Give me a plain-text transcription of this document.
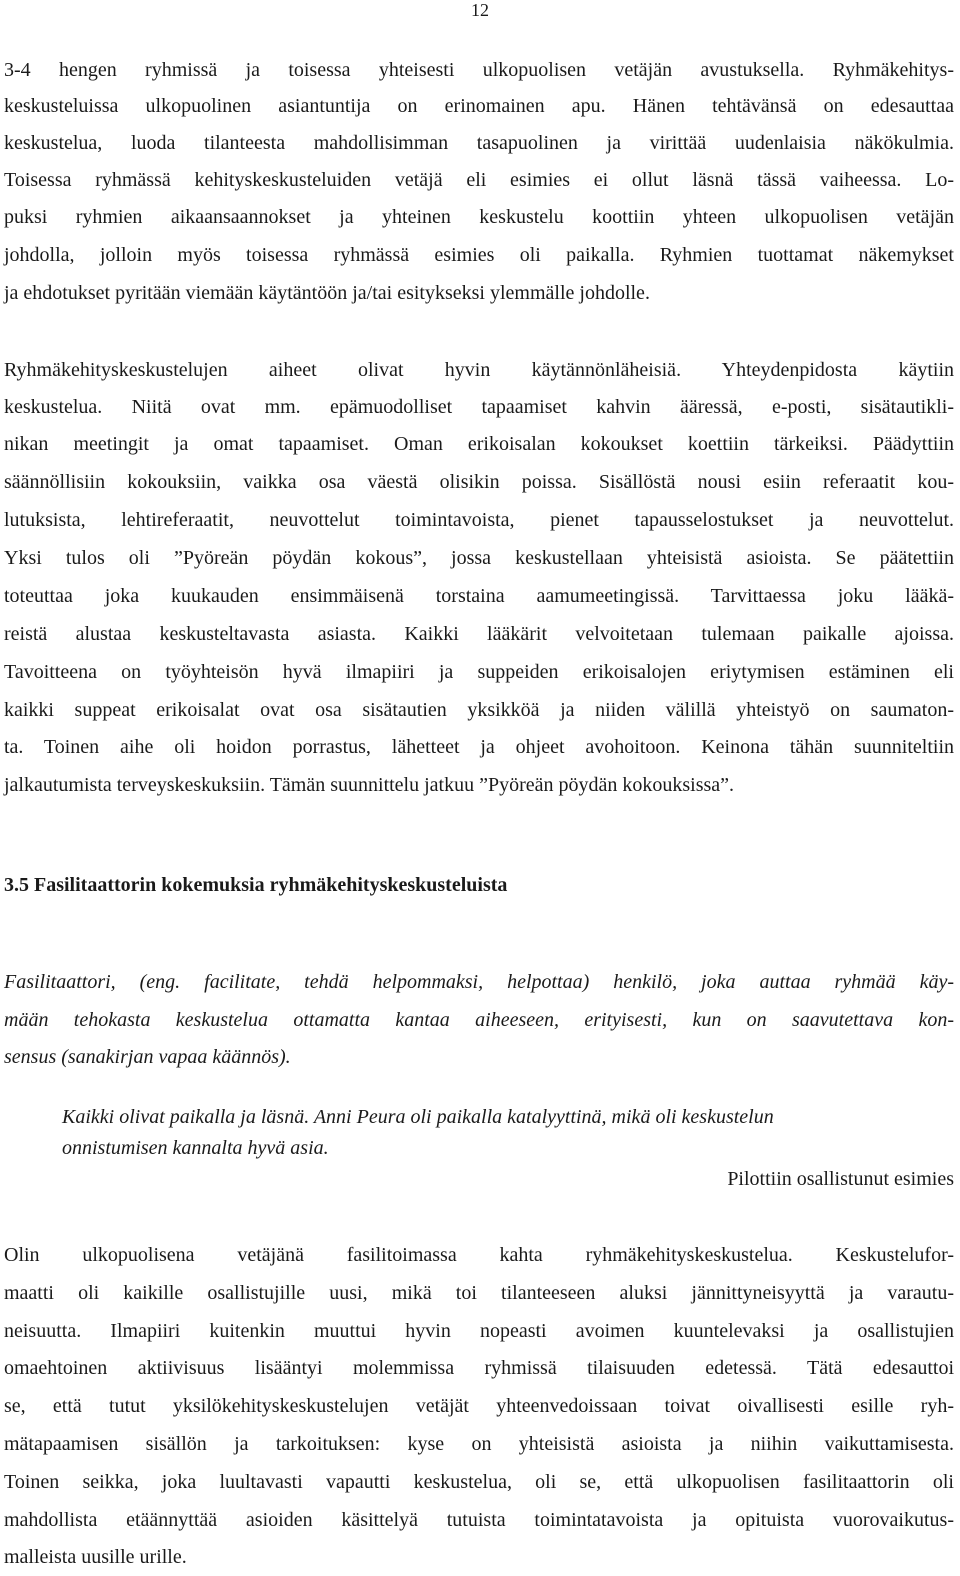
12
3-4 hengen ryhmissä ja toisessa yhteisesti ulkopuolisen vetäjän avustuksella. Ryhmäkehitys-
keskusteluissa ulkopuolinen asiantuntija on erinomainen apu. Hänen tehtävänsä on edesauttaa
keskustelua, luoda tilanteesta mahdollisimman tasapuolinen ja virittää uudenlaisia näkökulmia.
Toisessa ryhmässä kehityskeskusteluiden vetäjä eli esimies ei ollut läsnä tässä vaiheessa. Lo-
puksi ryhmien aikaansaannokset ja yhteinen keskustelu koottiin yhteen ulkopuolisen vetäjän
johdolla, jolloin myös toisessa ryhmässä esimies oli paikalla. Ryhmien tuottamat näkemykset
ja ehdotukset pyritään viemään käytäntöön ja/tai esitykseksi ylemmälle johdolle.
Ryhmäkehityskeskustelujen aiheet olivat hyvin käytännönläheisiä. Yhteydenpidosta käytiin
keskustelua. Niitä ovat mm. epämuodolliset tapaamiset kahvin ääressä, e-posti, sisätautikli-
nikan meetingit ja omat tapaamiset. Oman erikoisalan kokoukset koettiin tärkeiksi. Päädyttiin
säännöllisiin kokouksiin, vaikka osa väestä olisikin poissa. Sisällöstä nousi esiin referaatit kou-
lutuksista, lehtireferaatit, neuvottelut toimintavoista, pienet tapausselostukset ja neuvottelut.
Yksi tulos oli ”Pyöreän pöydän kokous”, jossa keskustellaan yhteisistä asioista. Se päätettiin
toteuttaa joka kuukauden ensimmäisenä torstaina aamumeetingissä. Tarvittaessa joku lääkä-
reistä alustaa keskusteltavasta asiasta. Kaikki lääkärit velvoitetaan tulemaan paikalle ajoissa.
Tavoitteena on työyhteisön hyvä ilmapiiri ja suppeiden erikoisalojen eriytymisen estäminen eli
kaikki suppeat erikoisalat ovat osa sisätautien yksikköä ja niiden välillä yhteistyö on saumaton-
ta. Toinen aihe oli hoidon porrastus, lähetteet ja ohjeet avohoitoon. Keinona tähän suunniteltiin
jalkautumista terveyskeskuksiin. Tämän suunnittelu jatkuu ”Pyöreän pöydän kokouksissa”.
3.5 Fasilitaattorin kokemuksia ryhmäkehityskeskusteluista
Fasilitaattori, (eng. facilitate, tehdä helpommaksi, helpottaa) henkilö, joka auttaa ryhmää käy-
mään tehokasta keskustelua ottamatta kantaa aiheeseen, erityisesti, kun on saavutettava kon-
sensus (sanakirjan vapaa käännös).
Kaikki olivat paikalla ja läsnä. Anni Peura oli paikalla katalyyttinä, mikä oli keskustelun
onnistumisen kannalta hyvä asia.
Pilottiin osallistunut esimies
Olin ulkopuolisena vetäjänä fasilitoimassa kahta ryhmäkehityskeskustelua. Keskustelufor-
maatti oli kaikille osallistujille uusi, mikä toi tilanteeseen aluksi jännittyneisyyttä ja varautu-
neisuutta. Ilmapiiri kuitenkin muuttui hyvin nopeasti avoimen kuuntelevaksi ja osallistujien
omaehtoinen aktiivisuus lisääntyi molemmissa ryhmissä tilaisuuden edetessä. Tätä edesauttoi
se, että tutut yksilökehityskeskustelujen vetäjät yhteenvedoissaan toivat oivallisesti esille ryh-
mätapaamisen sisällön ja tarkoituksen: kyse on yhteisistä asioista ja niihin vaikuttamisesta.
Toinen seikka, joka luultavasti vapautti keskustelua, oli se, että ulkopuolisen fasilitaattorin oli
mahdollista etäännyttää asioiden käsittelyä tutuista toimintatavoista ja opituista vuorovaikutus-
malleista uusille urille.
